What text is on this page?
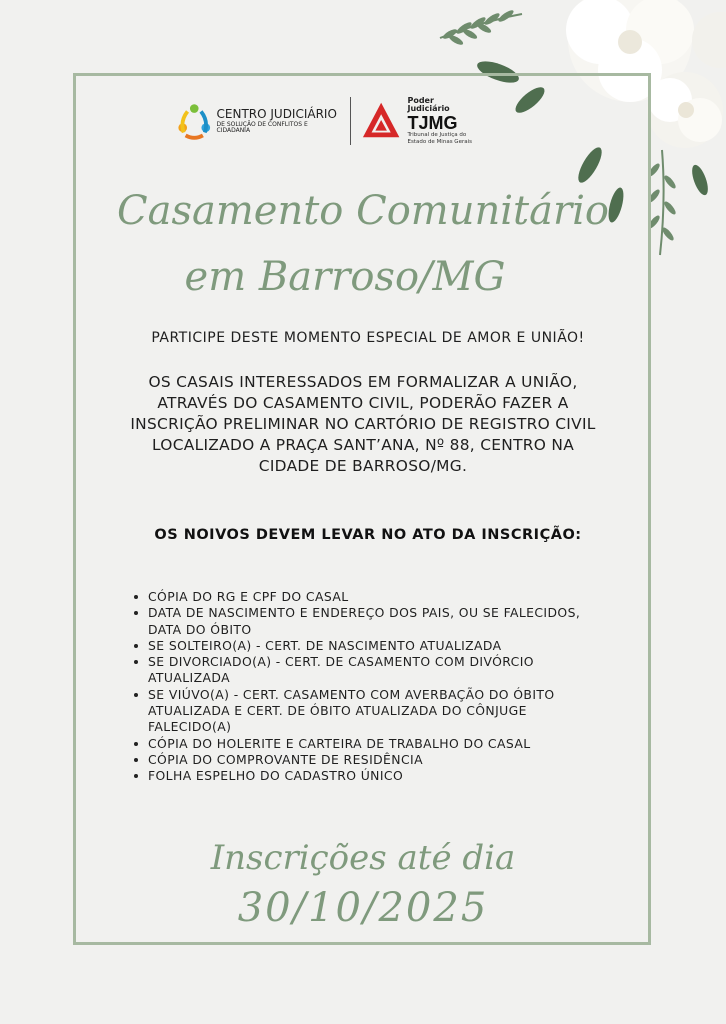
CENTRO JUDICIÁRIO
DE SOLUÇÃO DE CONFLITOS E CIDADANIA
Poder Judiciário
TJMG
Tribunal de Justiça do
Estado de Minas Gerais
Casamento Comunitário
em Barroso/MG
PARTICIPE DESTE MOMENTO ESPECIAL DE AMOR E UNIÃO!
OS CASAIS INTERESSADOS EM FORMALIZAR A UNIÃO,
ATRAVÉS DO CASAMENTO CIVIL, PODERÃO FAZER A
INSCRIÇÃO PRELIMINAR NO CARTÓRIO DE REGISTRO CIVIL
LOCALIZADO A PRAÇA SANT’ANA, Nº 88, CENTRO NA
CIDADE DE BARROSO/MG.
OS NOIVOS DEVEM LEVAR NO ATO DA INSCRIÇÃO:
CÓPIA DO RG E CPF DO CASAL
DATA DE NASCIMENTO E ENDEREÇO DOS PAIS, OU SE FALECIDOS,
DATA DO ÓBITO
SE SOLTEIRO(A) - CERT. DE NASCIMENTO ATUALIZADA
SE DIVORCIADO(A) - CERT. DE CASAMENTO COM DIVÓRCIO
ATUALIZADA
SE VIÚVO(A) - CERT. CASAMENTO COM AVERBAÇÃO DO ÓBITO
ATUALIZADA E CERT. DE ÓBITO ATUALIZADA DO CÔNJUGE
FALECIDO(A)
CÓPIA DO HOLERITE E CARTEIRA DE TRABALHO DO CASAL
CÓPIA DO COMPROVANTE DE RESIDÊNCIA
FOLHA ESPELHO DO CADASTRO ÚNICO
Inscrições até dia
30/10/2025
